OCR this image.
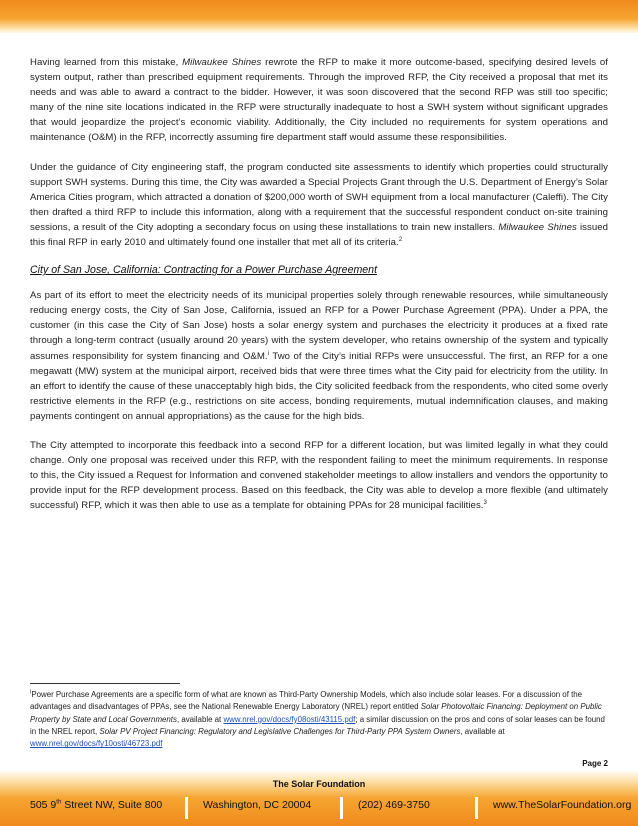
Having learned from this mistake, Milwaukee Shines rewrote the RFP to make it more outcome-based, specifying desired levels of system output, rather than prescribed equipment requirements. Through the improved RFP, the City received a proposal that met its needs and was able to award a contract to the bidder. However, it was soon discovered that the second RFP was still too specific; many of the nine site locations indicated in the RFP were structurally inadequate to host a SWH system without significant upgrades that would jeopardize the project’s economic viability. Additionally, the City included no requirements for system operations and maintenance (O&M) in the RFP, incorrectly assuming fire department staff would assume these responsibilities.

Under the guidance of City engineering staff, the program conducted site assessments to identify which properties could structurally support SWH systems. During this time, the City was awarded a Special Projects Grant through the U.S. Department of Energy’s Solar America Cities program, which attracted a donation of $200,000 worth of SWH equipment from a local manufacturer (Caleffi). The City then drafted a third RFP to include this information, along with a requirement that the successful respondent conduct on-site training sessions, a result of the City adopting a secondary focus on using these installations to train new installers. Milwaukee Shines issued this final RFP in early 2010 and ultimately found one installer that met all of its criteria.$^2$

City of San Jose, California: Contracting for a Power Purchase Agreement

As part of its effort to meet the electricity needs of its municipal properties solely through renewable resources, while simultaneously reducing energy costs, the City of San Jose, California, issued an RFP for a Power Purchase Agreement (PPA). Under a PPA, the customer (in this case the City of San Jose) hosts a solar energy system and purchases the electricity it produces at a fixed rate through a long-term contract (usually around 20 years) with the system developer, who retains ownership of the system and typically assumes responsibility for system financing and O&M.$^i$ Two of the City’s initial RFPs were unsuccessful. The first, an RFP for a one megawatt (MW) system at the municipal airport, received bids that were three times what the City paid for electricity from the utility. In an effort to identify the cause of these unacceptably high bids, the City solicited feedback from the respondents, who cited some overly restrictive elements in the RFP (e.g., restrictions on site access, bonding requirements, mutual indemnification clauses, and making payments contingent on annual appropriations) as the cause for the high bids.

The City attempted to incorporate this feedback into a second RFP for a different location, but was limited legally in what they could change. Only one proposal was received under this RFP, with the respondent failing to meet the minimum requirements. In response to this, the City issued a Request for Information and convened stakeholder meetings to allow installers and vendors the opportunity to provide input for the RFP development process. Based on this feedback, the City was able to develop a more flexible (and ultimately successful) RFP, which it was then able to use as a template for obtaining PPAs for 28 municipal facilities.$^3$

$^i$Power Purchase Agreements are a specific form of what are known as Third-Party Ownership Models, which also include solar leases. For a discussion of the advantages and disadvantages of PPAs, see the National Renewable Energy Laboratory (NREL) report entitled Solar Photovoltaic Financing: Deployment on Public Property by State and Local Governments, available at www.nrel.gov/docs/fy08osti/43115.pdf; a similar discussion on the pros and cons of solar leases can be found in the NREL report, Solar PV Project Financing: Regulatory and Legislative Challenges for Third-Party PPA System Owners, available at www.nrel.gov/docs/fy10osti/46723.pdf
Page 2
The Solar Foundation
505 9th Street NW, Suite 800	Washington, DC 20004	(202) 469-3750	www.TheSolarFoundation.org
